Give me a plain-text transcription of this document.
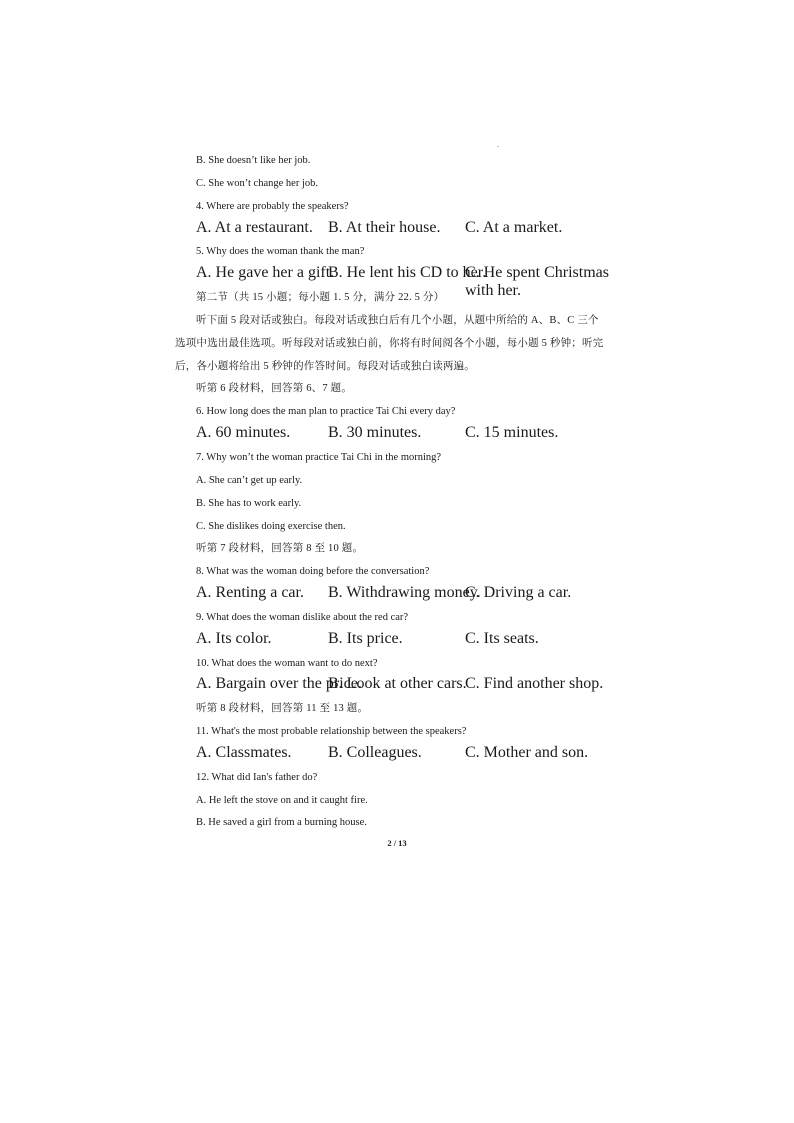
B. She doesn’t like her job.
C. She won’t change her job.
4. Where are probably the speakers?
A. At a restaurant. B. At their house. C. At a market.
5. Why does the woman thank the man?
A. He gave her a gift.
B. He lent his CD to her.
C. He spent Christmas with her.
第二节（共 15 小题；每小题 1. 5 分，满分 22. 5 分）
听下面 5 段对话或独白。每段对话或独白后有几个小题，从题中所给的 A、B、C 三个
选项中选出最佳选项。听每段对话或独白前，你将有时间阅各个小题，每小题 5 秒钟；听完
后，各小题将给出 5 秒钟的作答时间。每段对话或独白读两遍。
听第 6 段材料，回答第 6、7 题。
6. How long does the man plan to practice Tai Chi every day?
A. 60 minutes. B. 30 minutes.	C. 15 minutes.
7. Why won’t the woman practice Tai Chi in the morning?
A. She can’t get up early.
B. She has to work early.
C. She dislikes doing exercise then.
听第 7 段材料，回答第 8 至 10 题。
8. What was the woman doing before the conversation?
A. Renting a car. B. Withdrawing money.
C. Driving a car.
9. What does the woman dislike about the red car?
A. Its color.	B. Its price.	C. Its seats.
10. What does the woman want to do next?
A. Bargain over the price.
B. Look at other cars.
C. Find another shop.
听第 8 段材料，回答第 11 至 13 题。
11. What's the most probable relationship between the speakers?
A. Classmates. B. Colleagues.	C. Mother and son.
12. What did Ian's father do?
A. He left the stove on and it caught fire.
B. He saved a girl from a burning house.
2 / 13
